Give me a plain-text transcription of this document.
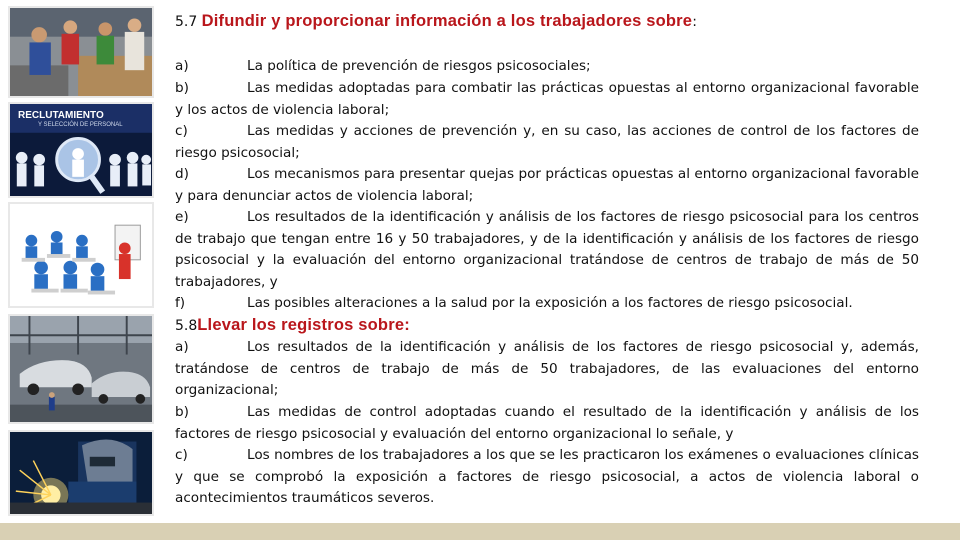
RECLUTAMIENTO
Y SELECCIÓN DE PERSONAL
5.7 Difundir y proporcionar información a los trabajadores sobre:
a)	La política de prevención de riesgos psicosociales;
b)	Las medidas adoptadas para combatir las prácticas opuestas al entorno organizacional favorable y los actos de violencia laboral;
c)	Las medidas y acciones de prevención y, en su caso, las acciones de control de los factores de riesgo psicosocial;
d)	Los mecanismos para presentar quejas por prácticas opuestas al entorno organizacional favorable y para denunciar actos de violencia laboral;
e)	Los resultados de la identificación y análisis de los factores de riesgo psicosocial para los centros de trabajo que tengan entre 16 y 50 trabajadores, y de la identificación y análisis de los factores de riesgo psicosocial y la evaluación del entorno organizacional tratándose de centros de trabajo de más de 50 trabajadores, y
f)	Las posibles alteraciones a la salud por la exposición a los factores de riesgo psicosocial.
5.8Llevar los registros sobre:
a)	Los resultados de la identificación y análisis de los factores de riesgo psicosocial y, además, tratándose de centros de trabajo de más de 50 trabajadores, de las evaluaciones del entorno organizacional;
b)	Las medidas de control adoptadas cuando el resultado de la identificación y análisis de los factores de riesgo psicosocial y evaluación del entorno organizacional lo señale, y
c)	Los nombres de los trabajadores a los que se les practicaron los exámenes o evaluaciones clínicas y que se comprobó la exposición a factores de riesgo psicosocial, a actos de violencia laboral o acontecimientos traumáticos severos.
